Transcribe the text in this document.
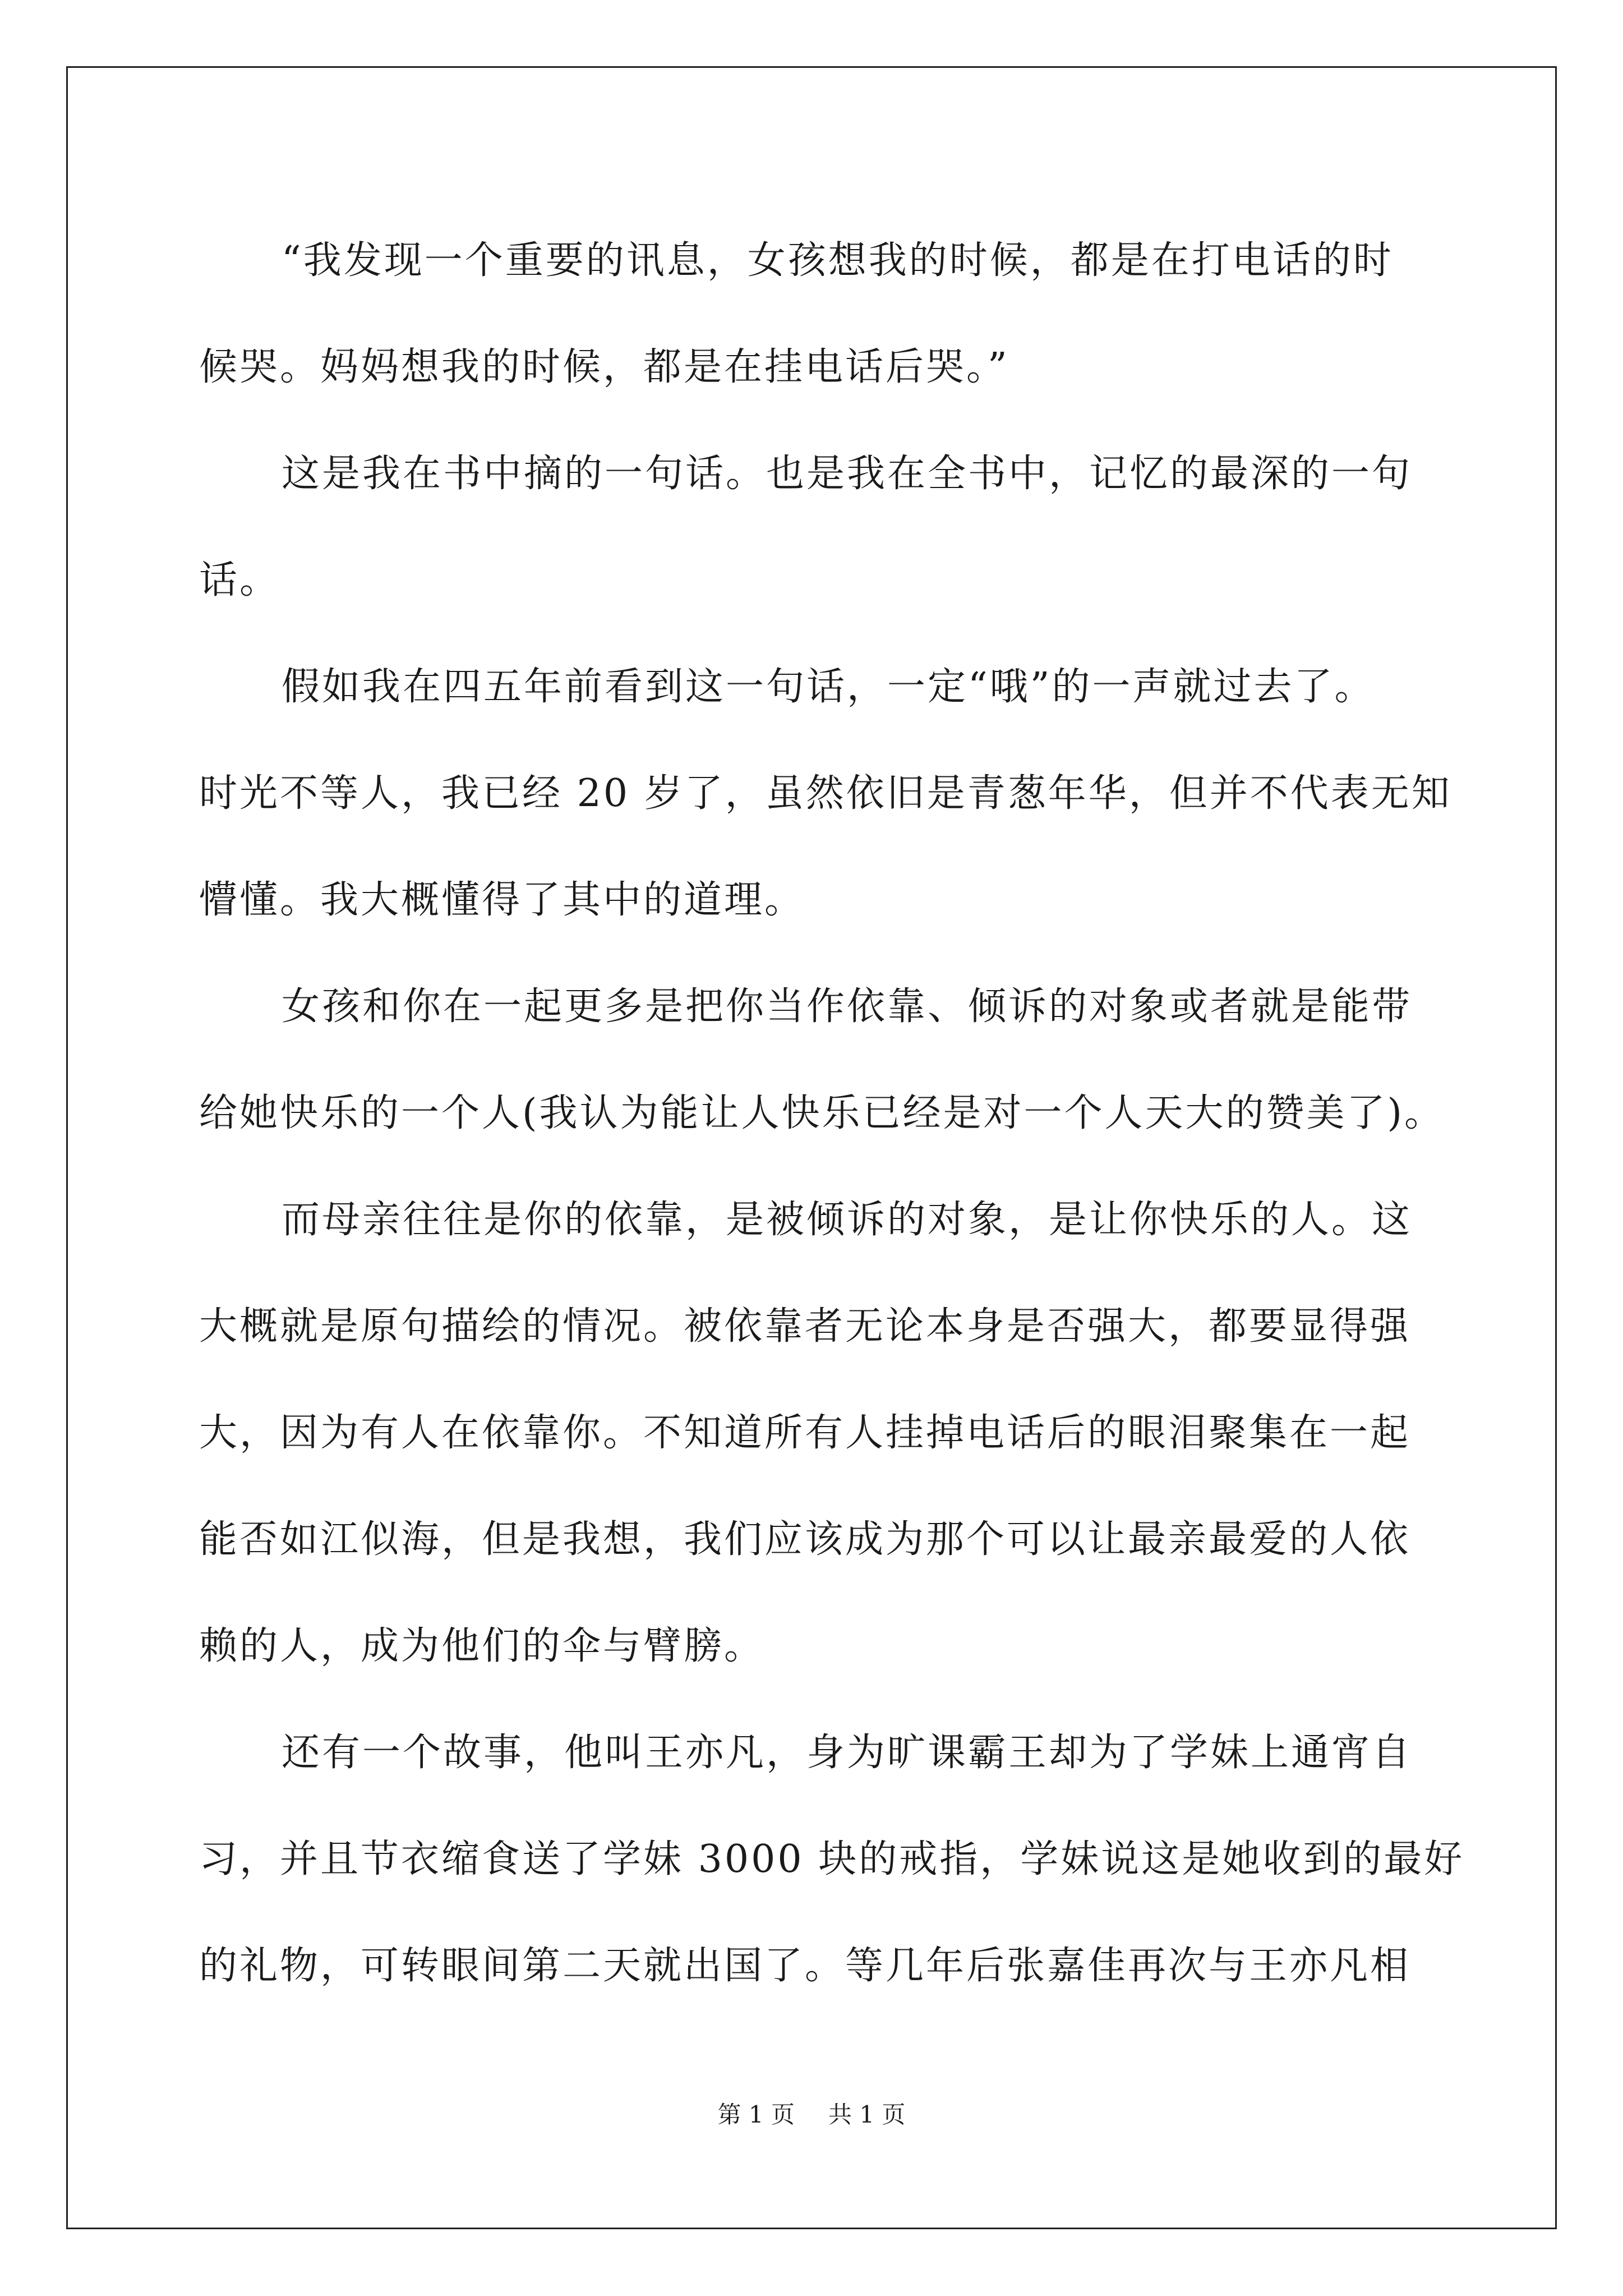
“我发现一个重要的讯息，女孩想我的时候，都是在打电话的时
候哭。妈妈想我的时候，都是在挂电话后哭。”
这是我在书中摘的一句话。也是我在全书中，记忆的最深的一句
话。
假如我在四五年前看到这一句话，一定“哦”的一声就过去了。
时光不等人，我已经 20 岁了，虽然依旧是青葱年华，但并不代表无知
懵懂。我大概懂得了其中的道理。
女孩和你在一起更多是把你当作依靠、倾诉的对象或者就是能带
给她快乐的一个人(我认为能让人快乐已经是对一个人天大的赞美了)。
而母亲往往是你的依靠，是被倾诉的对象，是让你快乐的人。这
大概就是原句描绘的情况。被依靠者无论本身是否强大，都要显得强
大，因为有人在依靠你。不知道所有人挂掉电话后的眼泪聚集在一起
能否如江似海，但是我想，我们应该成为那个可以让最亲最爱的人依
赖的人，成为他们的伞与臂膀。
还有一个故事，他叫王亦凡，身为旷课霸王却为了学妹上通宵自
习，并且节衣缩食送了学妹 3000 块的戒指，学妹说这是她收到的最好
的礼物，可转眼间第二天就出国了。等几年后张嘉佳再次与王亦凡相
第 1 页 共 1 页
